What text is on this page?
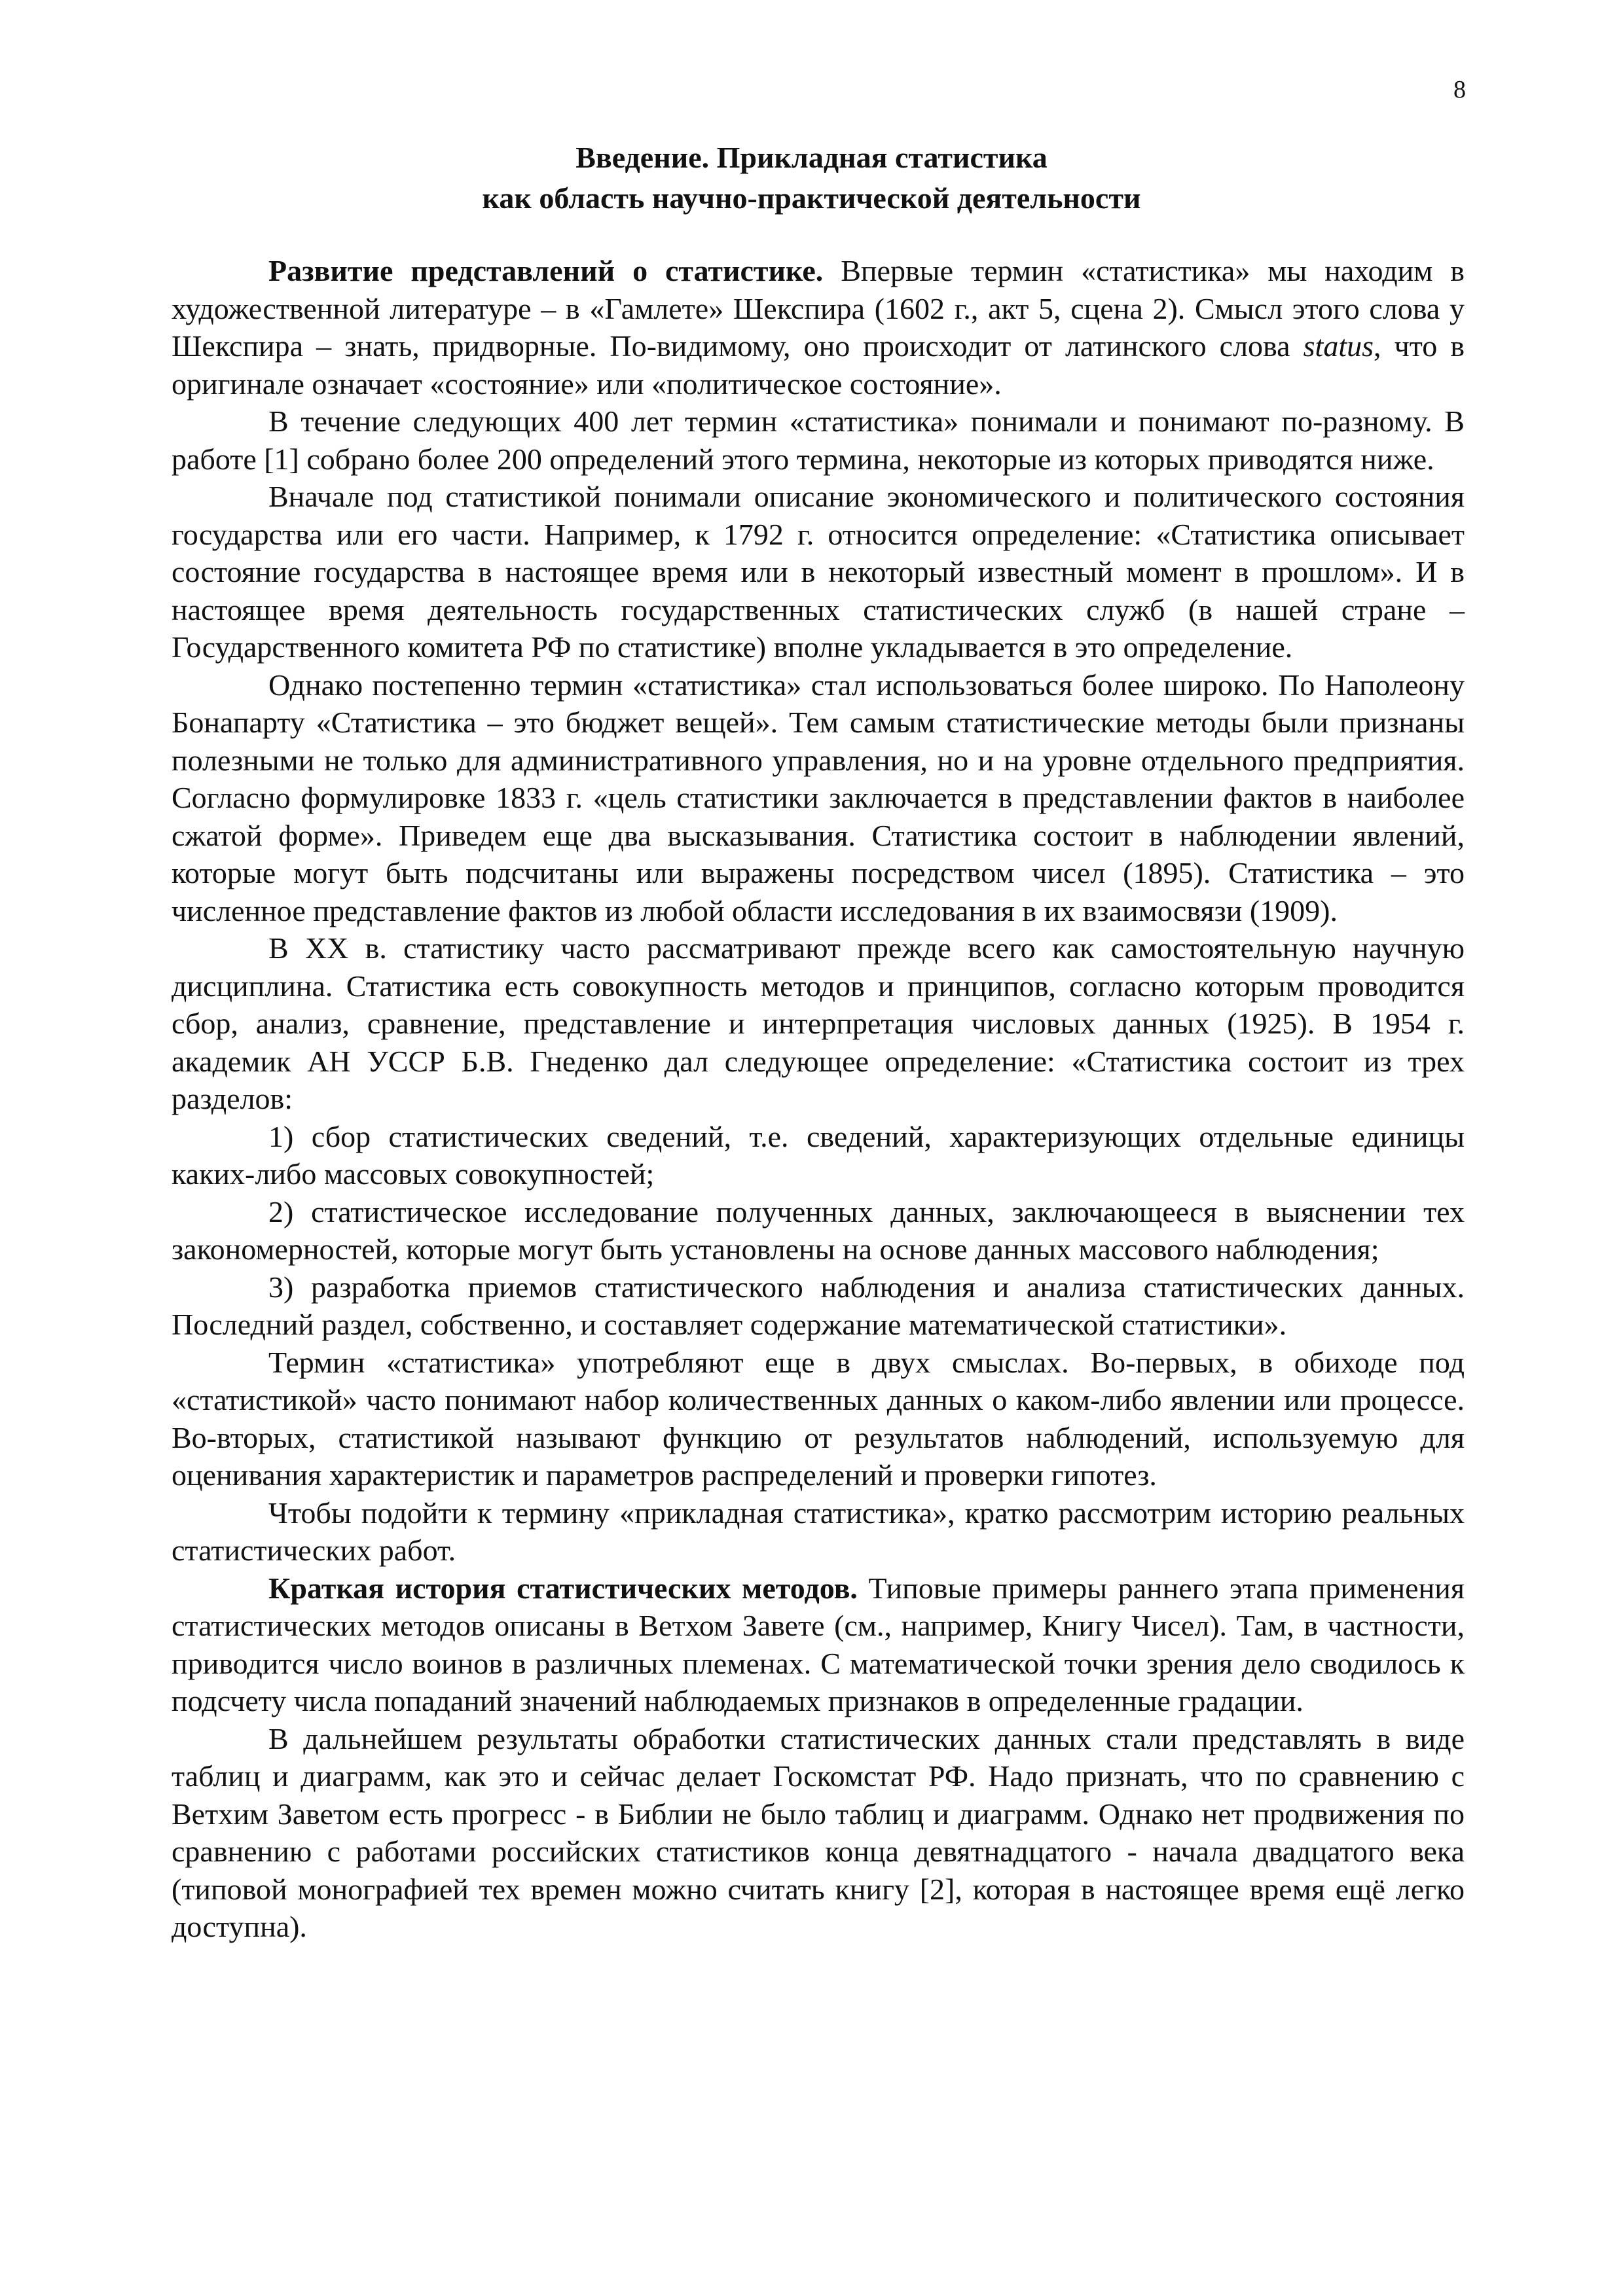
8
Введение. Прикладная статистика
как область научно-практической деятельности

Развитие представлений о статистике. Впервые термин «статистика» мы находим в художественной литературе – в «Гамлете» Шекспира (1602 г., акт 5, сцена 2). Смысл этого слова у Шекспира – знать, придворные. По-видимому, оно происходит от латинского слова status, что в оригинале означает «состояние» или «политическое состояние».

В течение следующих 400 лет термин «статистика» понимали и понимают по-разному. В работе [1] собрано более 200 определений этого термина, некоторые из которых приводятся ниже.

Вначале под статистикой понимали описание экономического и политического состояния государства или его части. Например, к 1792 г. относится определение: «Статистика описывает состояние государства в настоящее время или в некоторый известный момент в прошлом». И в настоящее время деятельность государственных статистических служб (в нашей стране – Государственного комитета РФ по статистике) вполне укладывается в это определение.

Однако постепенно термин «статистика» стал использоваться более широко. По Наполеону Бонапарту «Статистика – это бюджет вещей». Тем самым статистические методы были признаны полезными не только для административного управления, но и на уровне отдельного предприятия. Согласно формулировке 1833 г. «цель статистики заключается в представлении фактов в наиболее сжатой форме». Приведем еще два высказывания. Статистика состоит в наблюдении явлений, которые могут быть подсчитаны или выражены посредством чисел (1895). Статистика – это численное представление фактов из любой области исследования в их взаимосвязи (1909).

В XX в. статистику часто рассматривают прежде всего как самостоятельную научную дисциплина. Статистика есть совокупность методов и принципов, согласно которым проводится сбор, анализ, сравнение, представление и интерпретация числовых данных (1925). В 1954 г. академик АН УССР Б.В. Гнеденко дал следующее определение: «Статистика состоит из трех разделов:

1) сбор статистических сведений, т.е. сведений, характеризующих отдельные единицы каких-либо массовых совокупностей;

2) статистическое исследование полученных данных, заключающееся в выяснении тех закономерностей, которые могут быть установлены на основе данных массового наблюдения;

3) разработка приемов статистического наблюдения и анализа статистических данных. Последний раздел, собственно, и составляет содержание математической статистики».

Термин «статистика» употребляют еще в двух смыслах. Во-первых, в обиходе под «статистикой» часто понимают набор количественных данных о каком-либо явлении или процессе. Во-вторых, статистикой называют функцию от результатов наблюдений, используемую для оценивания характеристик и параметров распределений и проверки гипотез.

Чтобы подойти к термину «прикладная статистика», кратко рассмотрим историю реальных статистических работ.

Краткая история статистических методов. Типовые примеры раннего этапа применения статистических методов описаны в Ветхом Завете (см., например, Книгу Чисел). Там, в частности, приводится число воинов в различных племенах. С математической точки зрения дело сводилось к подсчету числа попаданий значений наблюдаемых признаков в определенные градации.

В дальнейшем результаты обработки статистических данных стали представлять в виде таблиц и диаграмм, как это и сейчас делает Госкомстат РФ. Надо признать, что по сравнению с Ветхим Заветом есть прогресс - в Библии не было таблиц и диаграмм. Однако нет продвижения по сравнению с работами российских статистиков конца девятнадцатого - начала двадцатого века (типовой монографией тех времен можно считать книгу [2], которая в настоящее время ещё легко доступна).
